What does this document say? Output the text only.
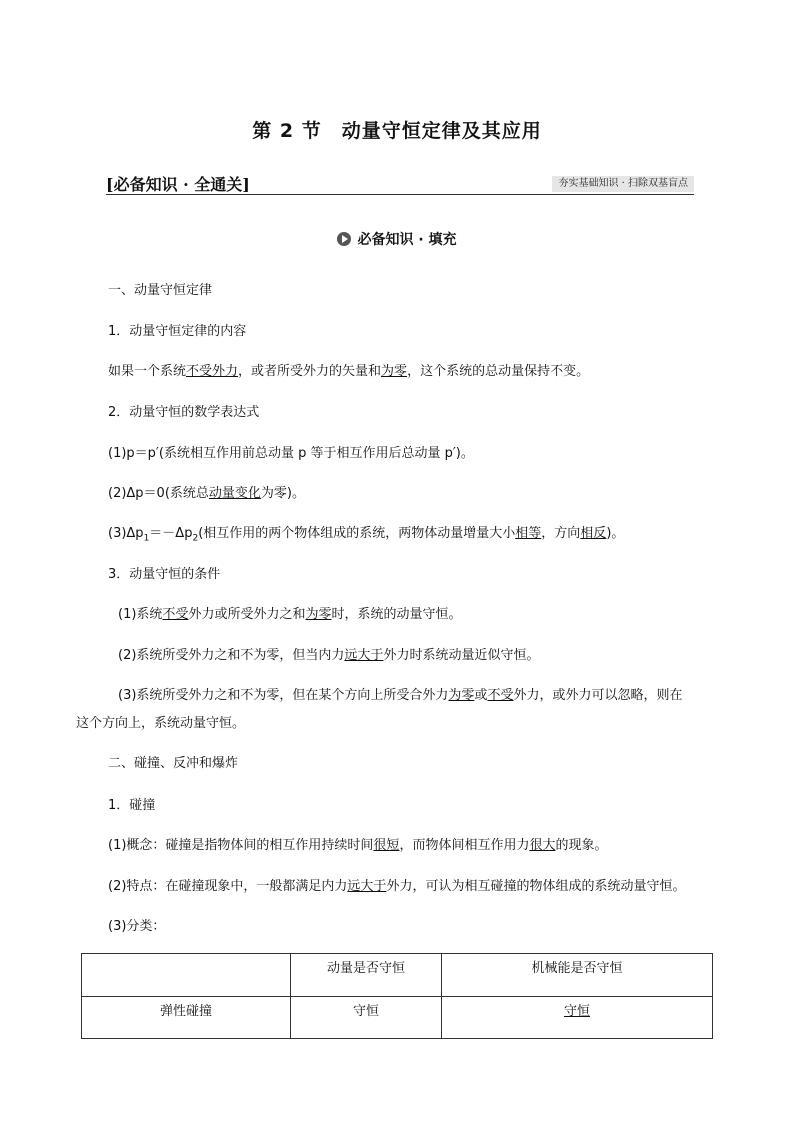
第 2 节　动量守恒定律及其应用
[必备知识 · 全通关]	夯实基础知识 · 扫除双基盲点
必备知识 · 填充
一、动量守恒定律
1．动量守恒定律的内容
如果一个系统不受外力，或者所受外力的矢量和为零，这个系统的总动量保持不变。
2．动量守恒的数学表达式
(1)p＝p′(系统相互作用前总动量 p 等于相互作用后总动量 p′)。
(2)Δp＝0(系统总动量变化为零)。
$(3)\Delta p_1=-\Delta p_2$(相互作用的两个物体组成的系统，两物体动量增量大小相等，方向相反)。
3．动量守恒的条件
(1)系统不受外力或所受外力之和为零时，系统的动量守恒。
(2)系统所受外力之和不为零，但当内力远大于外力时系统动量近似守恒。
(3)系统所受外力之和不为零，但在某个方向上所受合外力为零或不受外力，或外力可以忽略，则在
这个方向上，系统动量守恒。
二、碰撞、反冲和爆炸
1．碰撞
(1)概念：碰撞是指物体间的相互作用持续时间很短，而物体间相互作用力很大的现象。
(2)特点：在碰撞现象中，一般都满足内力远大于外力，可认为相互碰撞的物体组成的系统动量守恒。
(3)分类：
	动量是否守恒	机械能是否守恒
弹性碰撞	守恒	守恒
